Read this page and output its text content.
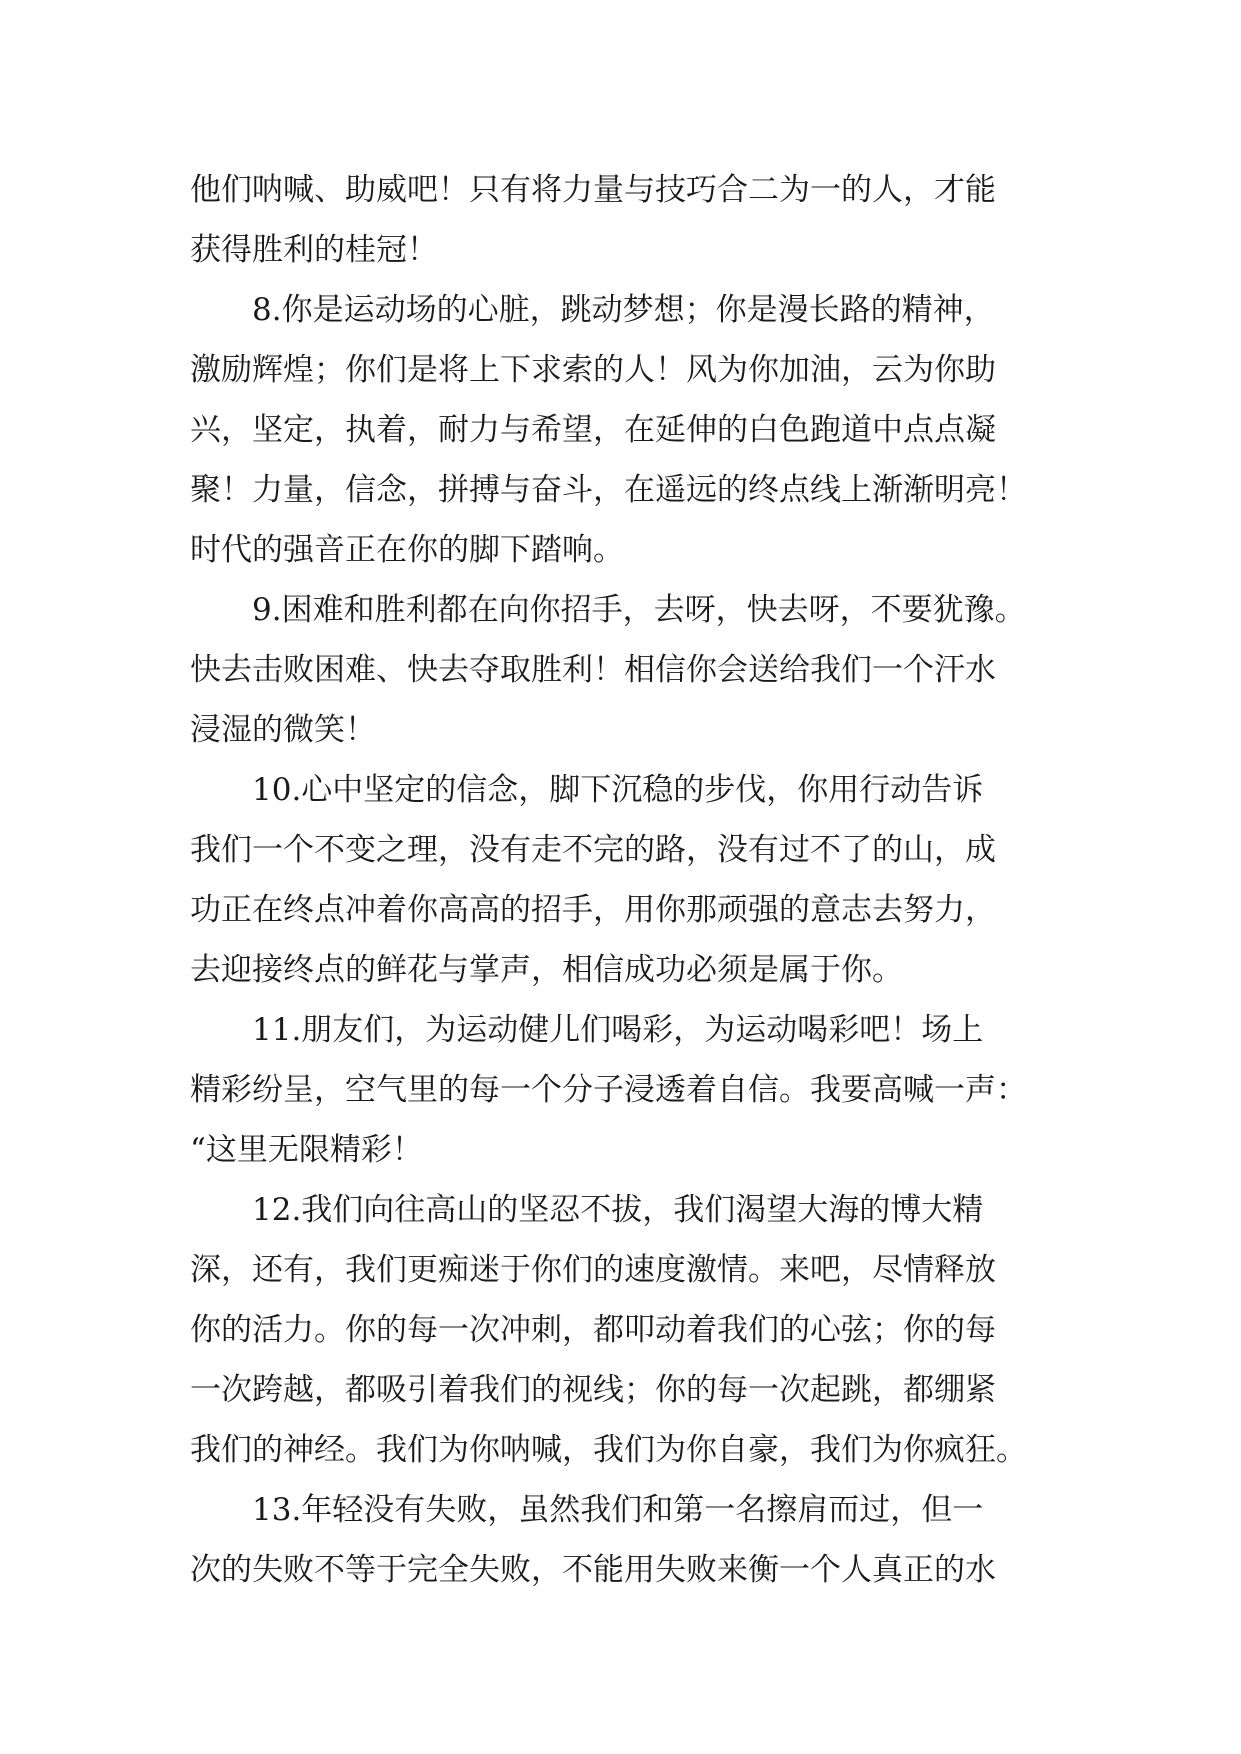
他们呐喊、助威吧！只有将力量与技巧合二为一的人，才能
获得胜利的桂冠！
8.你是运动场的心脏，跳动梦想；你是漫长路的精神，
激励辉煌；你们是将上下求索的人！风为你加油，云为你助
兴，坚定，执着，耐力与希望，在延伸的白色跑道中点点凝
聚！力量，信念，拼搏与奋斗，在遥远的终点线上渐渐明亮！
时代的强音正在你的脚下踏响。
9.困难和胜利都在向你招手，去呀，快去呀，不要犹豫。
快去击败困难、快去夺取胜利！相信你会送给我们一个汗水
浸湿的微笑！
10.心中坚定的信念，脚下沉稳的步伐，你用行动告诉
我们一个不变之理，没有走不完的路，没有过不了的山，成
功正在终点冲着你高高的招手，用你那顽强的意志去努力，
去迎接终点的鲜花与掌声，相信成功必须是属于你。
11.朋友们，为运动健儿们喝彩，为运动喝彩吧！场上
精彩纷呈，空气里的每一个分子浸透着自信。我要高喊一声：
“这里无限精彩！
12.我们向往高山的坚忍不拔，我们渴望大海的博大精
深，还有，我们更痴迷于你们的速度激情。来吧，尽情释放
你的活力。你的每一次冲刺，都叩动着我们的心弦；你的每
一次跨越，都吸引着我们的视线；你的每一次起跳，都绷紧
我们的神经。我们为你呐喊，我们为你自豪，我们为你疯狂。
13.年轻没有失败，虽然我们和第一名擦肩而过，但一
次的失败不等于完全失败，不能用失败来衡一个人真正的水
